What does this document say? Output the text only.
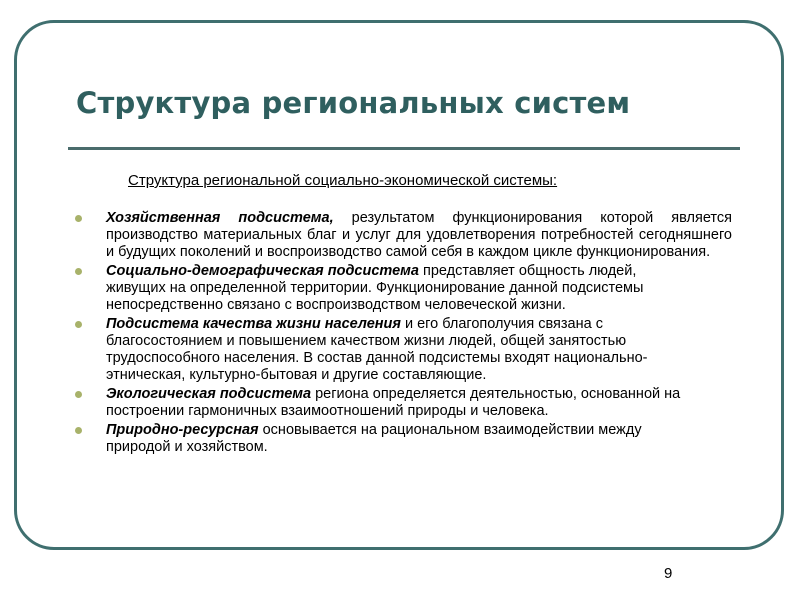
Структура региональных систем
Структура региональной социально-экономической системы:
Хозяйственная подсистема, результатом функционирования которой является производство материальных благ и услуг для удовлетворения потребностей сегодняшнего и будущих поколений и воспроизводство самой себя в каждом цикле функционирования.
Социально-демографическая подсистема представляет общность людей, живущих на определенной территории. Функционирование данной подсистемы непосредственно связано с воспроизводством человеческой жизни.
Подсистема качества жизни населения и его благополучия связана с благосостоянием и повышением качеством жизни людей, общей занятостью трудоспособного населения. В состав данной подсистемы входят национально-этническая, культурно-бытовая и другие составляющие.
Экологическая подсистема региона определяется деятельностью, основанной на построении гармоничных взаимоотношений природы и человека.
Природно-ресурсная основывается на рациональном взаимодействии между природой и хозяйством.
9
